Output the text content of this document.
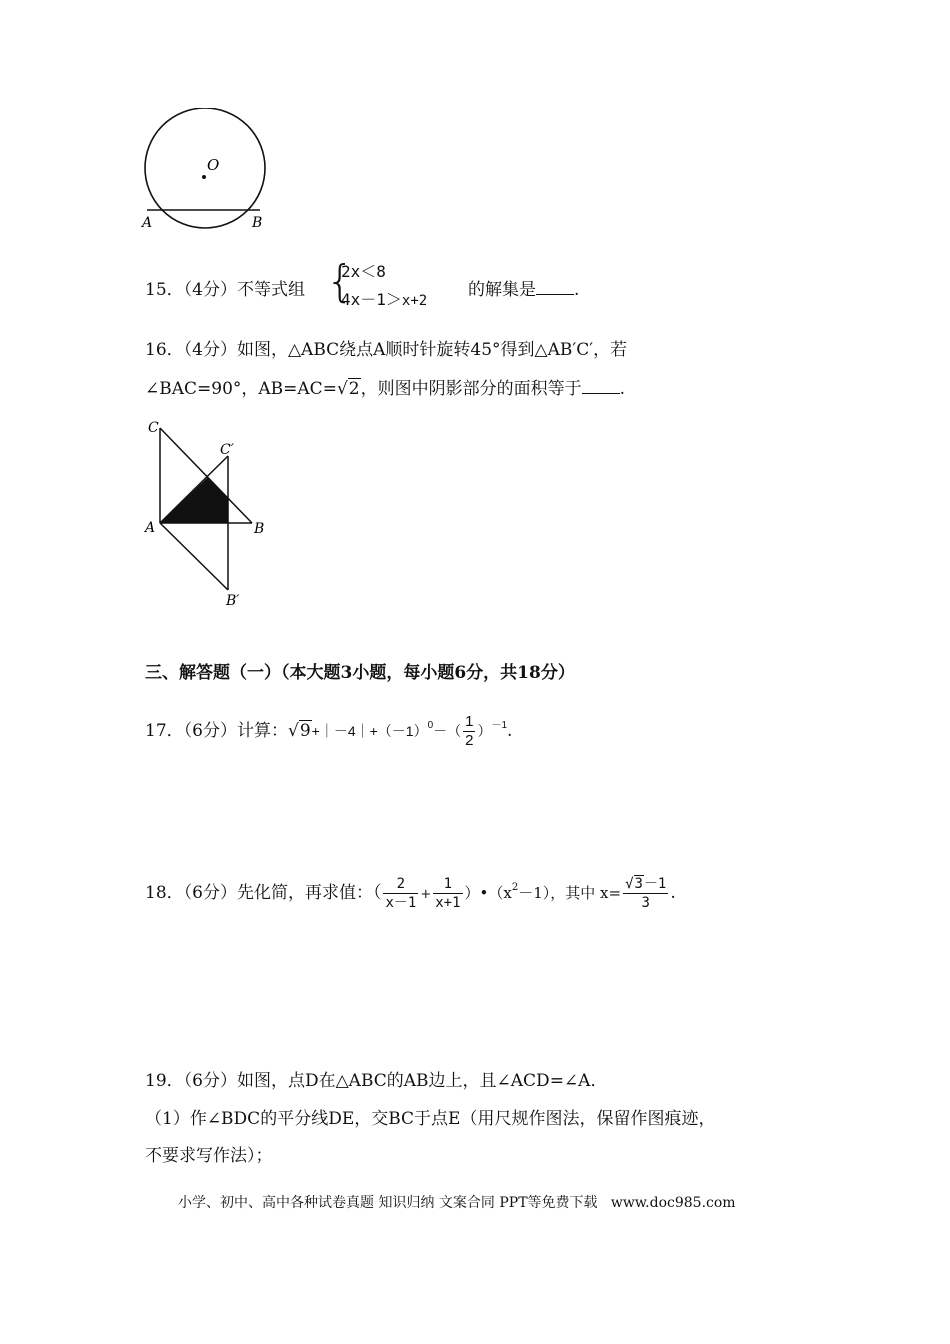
O
A	B
15．（4分）不等式组 {
2x＜8
4x－1＞x+2
的解集是 .
16．（4分）如图，△ABC绕点A顺时针旋转45°得到△AB′C′，若
∠BAC=90°，AB=AC=√2，则图中阴影部分的面积等于 .
C
C′
A	B
B′
三、解答题（一）（本大题3小题，每小题6分，共18分）
17．（6分）计算：$√9+|-4|+(-1)^0-( \frac{1}{2} )^{-1}$.
18．（6分）先化简，再求值：（ $\frac{2}{x-1} + \frac{1}{x+1}$ ）$•(x^2-1)$，其中 $x= \frac{√3-1}{3}$ .
19．（6分）如图，点D在△ABC的AB边上，且∠ACD=∠A．
（1）作∠BDC的平分线DE，交BC于点E（用尺规作图法，保留作图痕迹，
不要求写作法）；
小学、初中、高中各种试卷真题 知识归纳 文案合同 PPT等免费下载   www.doc985.com
